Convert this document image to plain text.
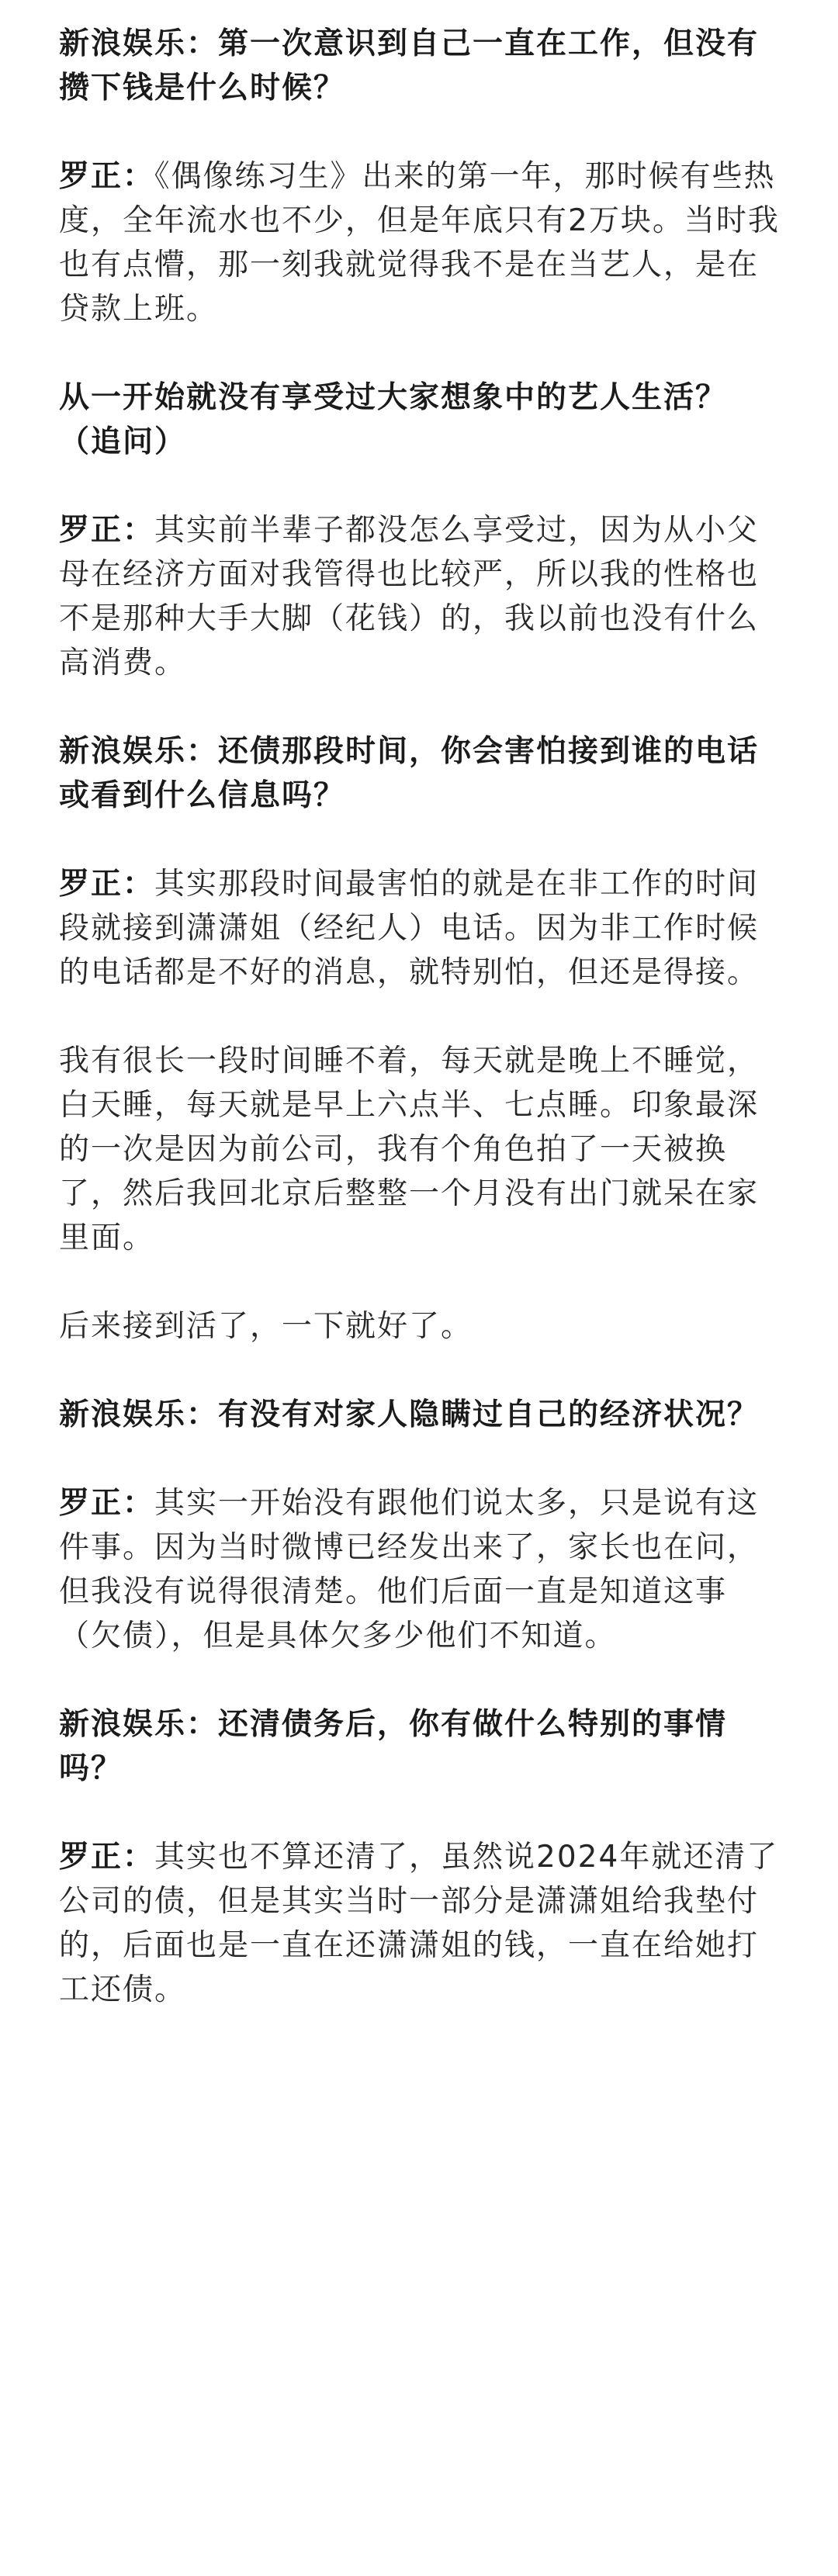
新浪娱乐：第一次意识到自己一直在工作，但没有攒下钱是什么时候？
罗正：《偶像练习生》出来的第一年，那时候有些热度，全年流水也不少，但是年底只有2万块。当时我也有点懵，那一刻我就觉得我不是在当艺人，是在贷款上班。
从一开始就没有享受过大家想象中的艺人生活？（追问）
罗正：其实前半辈子都没怎么享受过，因为从小父母在经济方面对我管得也比较严，所以我的性格也不是那种大手大脚（花钱）的，我以前也没有什么高消费。
新浪娱乐：还债那段时间，你会害怕接到谁的电话或看到什么信息吗？
罗正：其实那段时间最害怕的就是在非工作的时间段就接到潇潇姐（经纪人）电话。因为非工作时候的电话都是不好的消息，就特别怕，但还是得接。
我有很长一段时间睡不着，每天就是晚上不睡觉，白天睡，每天就是早上六点半、七点睡。印象最深的一次是因为前公司，我有个角色拍了一天被换了，然后我回北京后整整一个月没有出门就呆在家里面。
后来接到活了，一下就好了。
新浪娱乐：有没有对家人隐瞒过自己的经济状况？
罗正：其实一开始没有跟他们说太多，只是说有这件事。因为当时微博已经发出来了，家长也在问，但我没有说得很清楚。他们后面一直是知道这事（欠债），但是具体欠多少他们不知道。
新浪娱乐：还清债务后，你有做什么特别的事情吗？
罗正：其实也不算还清了，虽然说2024年就还清了公司的债，但是其实当时一部分是潇潇姐给我垫付的，后面也是一直在还潇潇姐的钱，一直在给她打工还债。
